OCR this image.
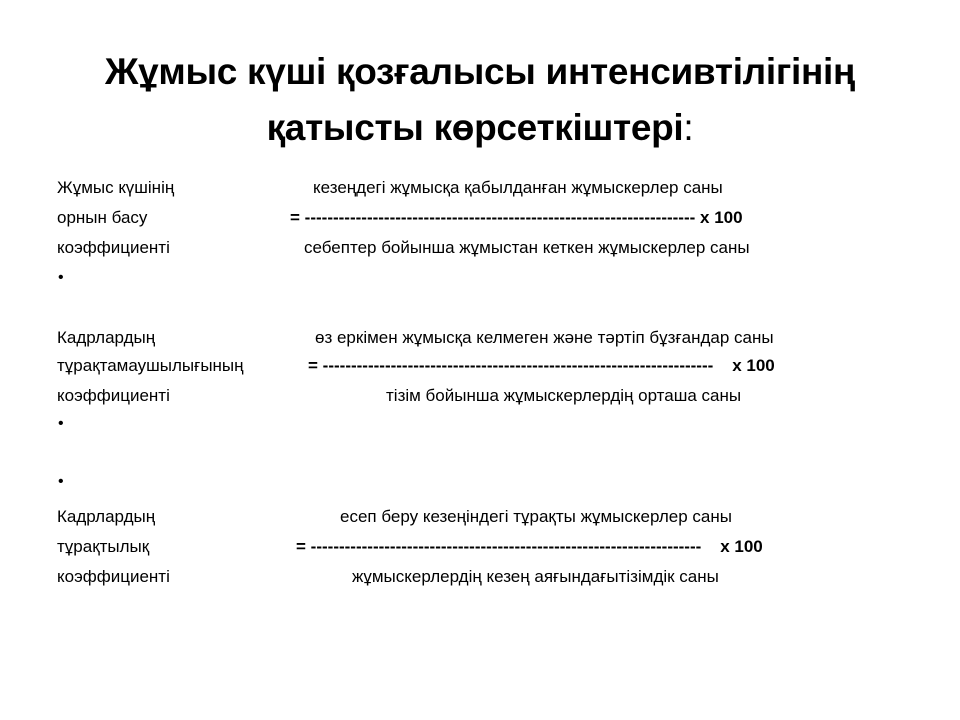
Жұмыс күші қозғалысы интенсивтілігінің
қатысты көрсеткіштері:
Жұмыс күшінің	кезеңдегі жұмысқа қабылданған жұмыскерлер саны
орнын басу	= --------------------------------------------------------------------- х 100
коэффициенті	себептер бойынша жұмыстан кеткен жұмыскерлер саны
•
Кадрлардың	өз еркімен жұмысқа келмеген және тәртіп бұзғандар саны
тұрақтамаушылығының	= --------------------------------------------------------------------- х 100
коэффициенті	тізім бойынша жұмыскерлердің орташа саны
•
•
Кадрлардың	есеп беру кезеңіндегі тұрақты жұмыскерлер саны
тұрақтылық	= --------------------------------------------------------------------- х 100
коэффициенті	жұмыскерлердің кезең аяғындағытізімдік саны
